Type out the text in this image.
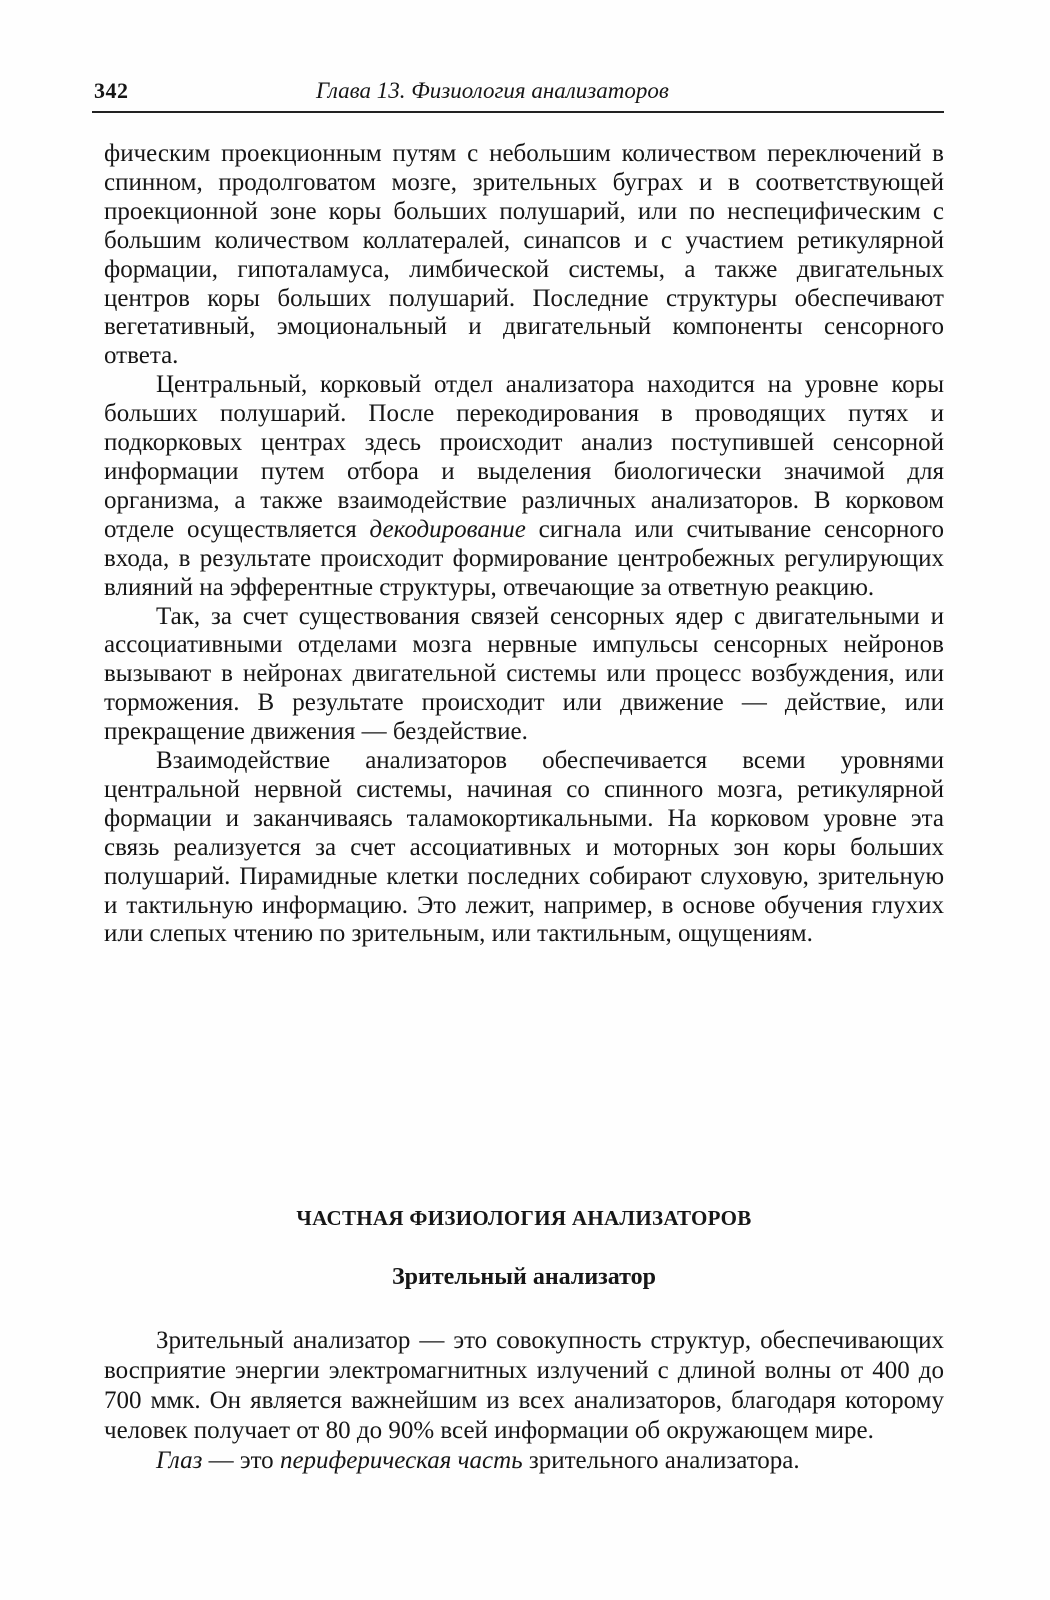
342	Глава 13. Физиология анализаторов

фическим проекционным путям с небольшим количеством переключений в спинном, продолговатом мозге, зрительных буграх и в соответствующей проекционной зоне коры больших полушарий, или по неспецифическим с большим количеством коллатералей, синапсов и с участием ретикулярной формации, гипоталамуса, лимбической системы, а также двигательных центров коры больших полушарий. Последние структуры обеспечивают вегетативный, эмоциональный и двигательный компоненты сенсорного ответа.

Центральный, корковый отдел анализатора находится на уровне коры больших полушарий. После перекодирования в проводящих путях и подкорковых центрах здесь происходит анализ поступившей сенсорной информации путем отбора и выделения биологически значимой для организма, а также взаимодействие различных анализаторов. В корковом отделе осуществляется декодирование сигнала или считывание сенсорного входа, в результате происходит формирование центробежных регулирующих влияний на эфферентные структуры, отвечающие за ответную реакцию.

Так, за счет существования связей сенсорных ядер с двигательными и ассоциативными отделами мозга нервные импульсы сенсорных нейронов вызывают в нейронах двигательной системы или процесс возбуждения, или торможения. В результате происходит или движение — действие, или прекращение движения — бездействие.

Взаимодействие анализаторов обеспечивается всеми уровнями центральной нервной системы, начиная со спинного мозга, ретикулярной формации и заканчиваясь таламокортикальными. На корковом уровне эта связь реализуется за счет ассоциативных и моторных зон коры больших полушарий. Пирамидные клетки последних собирают слуховую, зрительную и тактильную информацию. Это лежит, например, в основе обучения глухих или слепых чтению по зрительным, или тактильным, ощущениям.

ЧАСТНАЯ ФИЗИОЛОГИЯ АНАЛИЗАТОРОВ
Зрительный анализатор

Зрительный анализатор — это совокупность структур, обеспечивающих восприятие энергии электромагнитных излучений с длиной волны от 400 до 700 ммк. Он является важнейшим из всех анализаторов, благодаря которому человек получает от 80 до 90% всей информации об окружающем мире.

Глаз — это периферическая часть зрительного анализатора.
